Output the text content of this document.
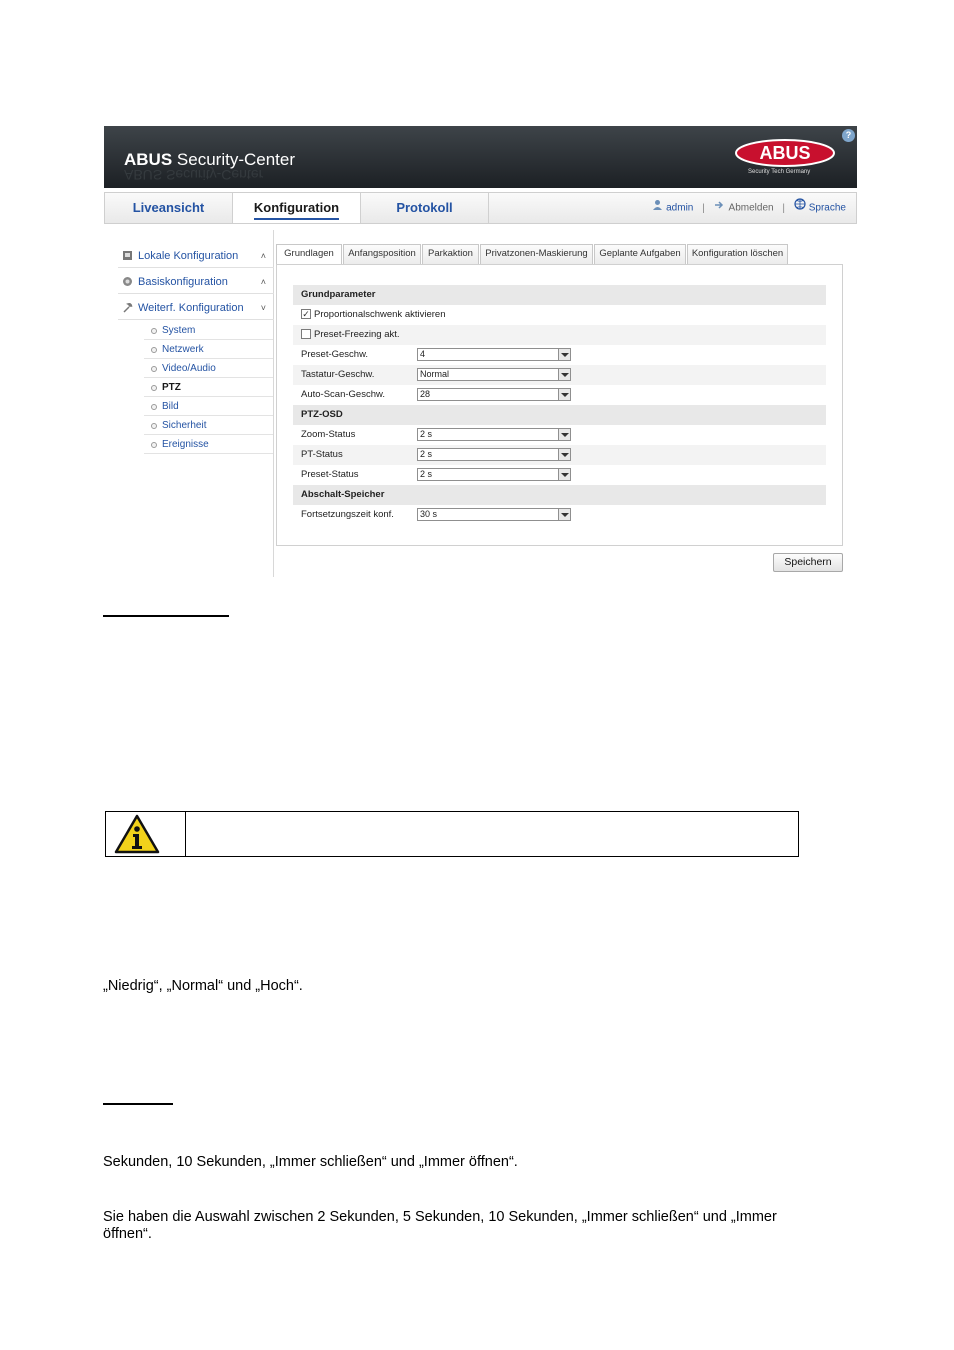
ABUS Security-Center
ABUS Security-Center
ABUS
Security Tech Germany
?
Liveansicht	Konfiguration	Protokoll	admin | Abmelden | Sprache
Lokale Konfiguration ˄
Basiskonfiguration	˄
Weiterf. Konfiguration ˅
System
Netzwerk
Video/Audio
PTZ
Bild
Sicherheit
Ereignisse
Grundlagen	Anfangsposition	Parkaktion	Privatzonen-Maskierung	Geplante Aufgaben	Konfiguration löschen
Grundparameter
✓ Proportionalschwenk aktivieren
Preset-Freezing akt.
Preset-Geschw.	4
Tastatur-Geschw.	Normal
Auto-Scan-Geschw.	28
PTZ-OSD
Zoom-Status	2 s
PT-Status	2 s
Preset-Status	2 s
Abschalt-Speicher
Fortsetzungszeit konf.	30 s
Speichern
„Niedrig“, „Normal“ und „Hoch“.
Sekunden, 10 Sekunden, „Immer schließen“ und „Immer öffnen“.
Sie haben die Auswahl zwischen 2 Sekunden, 5 Sekunden, 10 Sekunden, „Immer schließen“ und „Immer
öffnen“.
